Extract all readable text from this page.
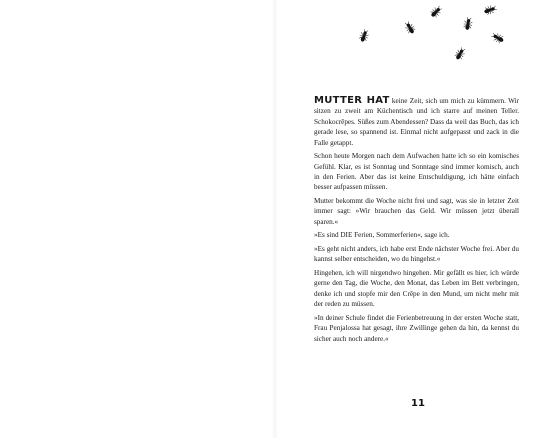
MUTTER HAT keine Zeit, sich um mich zu kümmern. Wir sitzen zu zweit am Küchentisch und ich starre auf meinen Teller. Schokocrêpes. Süßes zum Abendessen? Dass da weil das Buch, das ich gerade lese, so spannend ist. Einmal nicht aufgepasst und zack in die Falle getappt.

Schon heute Morgen nach dem Aufwachen hatte ich so ein komisches Gefühl. Klar, es ist Sonntag und Sonntage sind immer komisch, auch in den Ferien. Aber das ist keine Entschuldigung, ich hätte einfach besser aufpassen müssen.

Mutter bekommt die Woche nicht frei und sagt, was sie in letzter Zeit immer sagt: »Wir brauchen das Geld. Wir müssen jetzt überall sparen.«

»Es sind DIE Ferien, Sommerferien«, sage ich.

»Es geht nicht anders, ich habe erst Ende nächster Woche frei. Aber du kannst selber entscheiden, wo du hingehst.«

Hingehen, ich will nirgendwo hingehen. Mir gefällt es hier, ich würde gerne den Tag, die Woche, den Monat, das Leben im Bett verbringen, denke ich und stopfe mir den Crêpe in den Mund, um nicht mehr mit der reden zu müssen.

»In deiner Schule findet die Ferienbetreuung in der ersten Woche statt, Frau Penjalossa hat gesagt, ihre Zwillinge gehen da hin, da kennst du sicher auch noch andere.«

11
